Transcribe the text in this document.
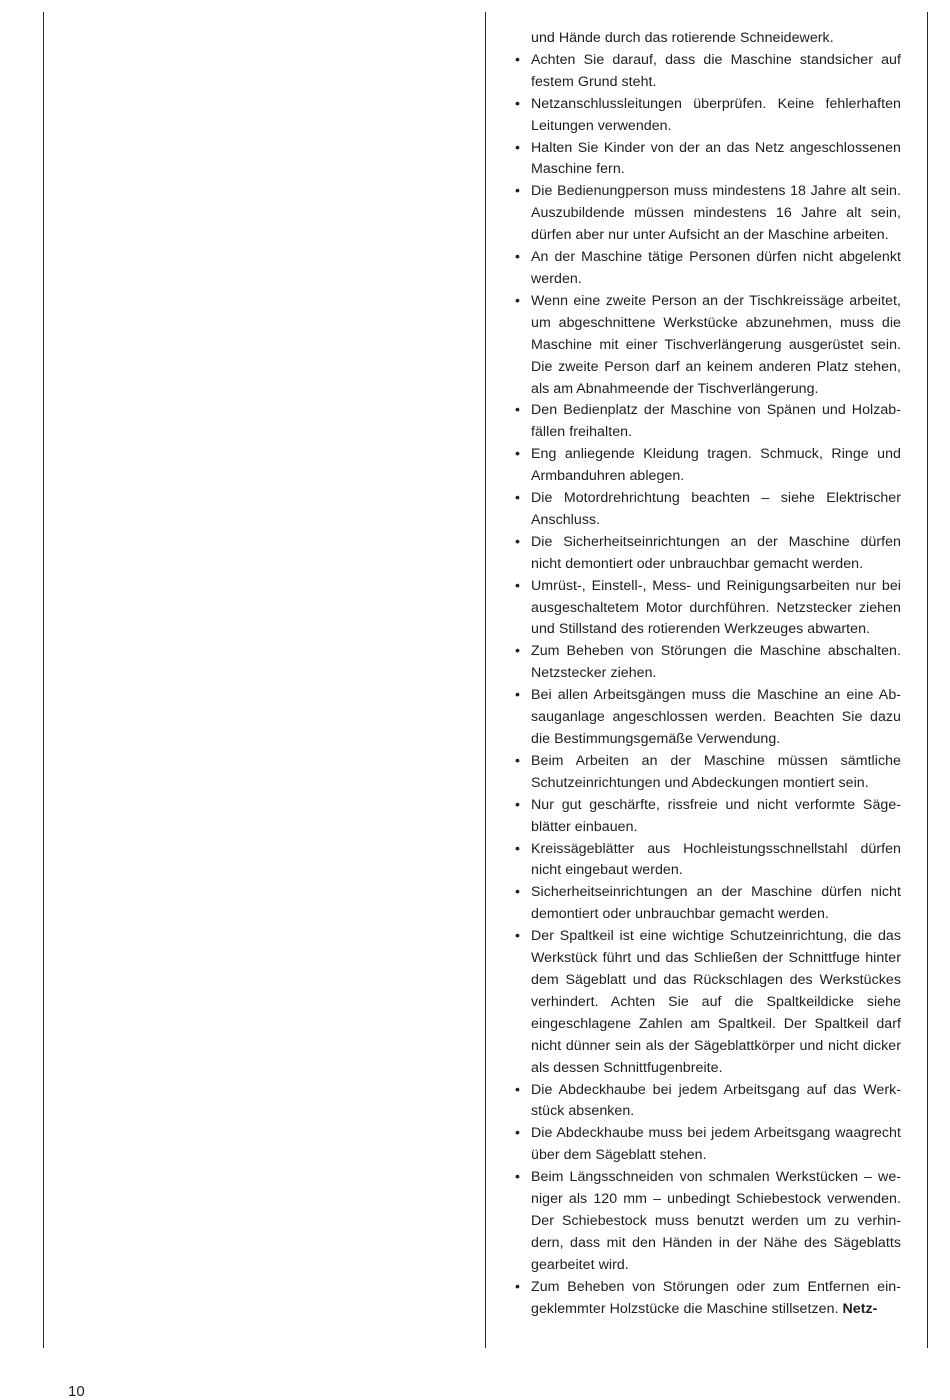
und Hände durch das rotierende Schneidewerk.
• Achten Sie darauf, dass die Maschine standsicher auf festem Grund steht.
• Netzanschlussleitungen überprüfen. Keine fehlerhaften Leitungen verwenden.
• Halten Sie Kinder von der an das Netz angeschlossenen Maschine fern.
• Die Bedienungperson muss mindestens 18 Jahre alt sein. Auszubildende müssen mindestens 16 Jahre alt sein, dürfen aber nur unter Aufsicht an der Maschine arbeiten.
• An der Maschine tätige Personen dürfen nicht abgelenkt werden.
• Wenn eine zweite Person an der Tischkreissäge arbeitet, um abgeschnittene Werkstücke abzunehmen, muss die Maschine mit einer Tischverlängerung ausgerüstet sein. Die zweite Person darf an keinem anderen Platz stehen, als am Abnahmeende der Tischverlängerung.
• Den Bedienplatz der Maschine von Spänen und Holzabfällen freihalten.
• Eng anliegende Kleidung tragen. Schmuck, Ringe und Armbanduhren ablegen.
• Die Motordrehrichtung beachten – siehe Elektrischer Anschluss.
• Die Sicherheitseinrichtungen an der Maschine dürfen nicht demontiert oder unbrauchbar gemacht werden.
• Umrüst-, Einstell-, Mess- und Reinigungsarbeiten nur bei ausgeschaltetem Motor durchführen. Netzstecker ziehen und Stillstand des rotierenden Werkzeuges abwarten.
• Zum Beheben von Störungen die Maschine abschalten. Netzstecker ziehen.
• Bei allen Arbeitsgängen muss die Maschine an eine Absauganlage angeschlossen werden. Beachten Sie dazu die Bestimmungsgemäße Verwendung.
• Beim Arbeiten an der Maschine müssen sämtliche Schutzeinrichtungen und Abdeckungen montiert sein.
• Nur gut geschärfte, rissfreie und nicht verformte Sägeblätter einbauen.
• Kreissägeblätter aus Hochleistungsschnellstahl dürfen nicht eingebaut werden.
• Sicherheitseinrichtungen an der Maschine dürfen nicht demontiert oder unbrauchbar gemacht werden.
• Der Spaltkeil ist eine wichtige Schutzeinrichtung, die das Werkstück führt und das Schließen der Schnittfuge hinter dem Sägeblatt und das Rückschlagen des Werkstückes verhindert. Achten Sie auf die Spaltkeildicke siehe eingeschlagene Zahlen am Spaltkeil. Der Spaltkeil darf nicht dünner sein als der Sägeblattkörper und nicht dicker als dessen Schnittfugenbreite.
• Die Abdeckhaube bei jedem Arbeitsgang auf das Werkstück absenken.
• Die Abdeckhaube muss bei jedem Arbeitsgang waagrecht über dem Sägeblatt stehen.
• Beim Längsschneiden von schmalen Werkstücken – weniger als 120 mm – unbedingt Schiebestock verwenden. Der Schiebestock muss benutzt werden um zu verhindern, dass mit den Händen in der Nähe des Sägeblatts gearbeitet wird.
• Zum Beheben von Störungen oder zum Entfernen eingeklemmter Holzstücke die Maschine stillsetzen. Netz-
10
